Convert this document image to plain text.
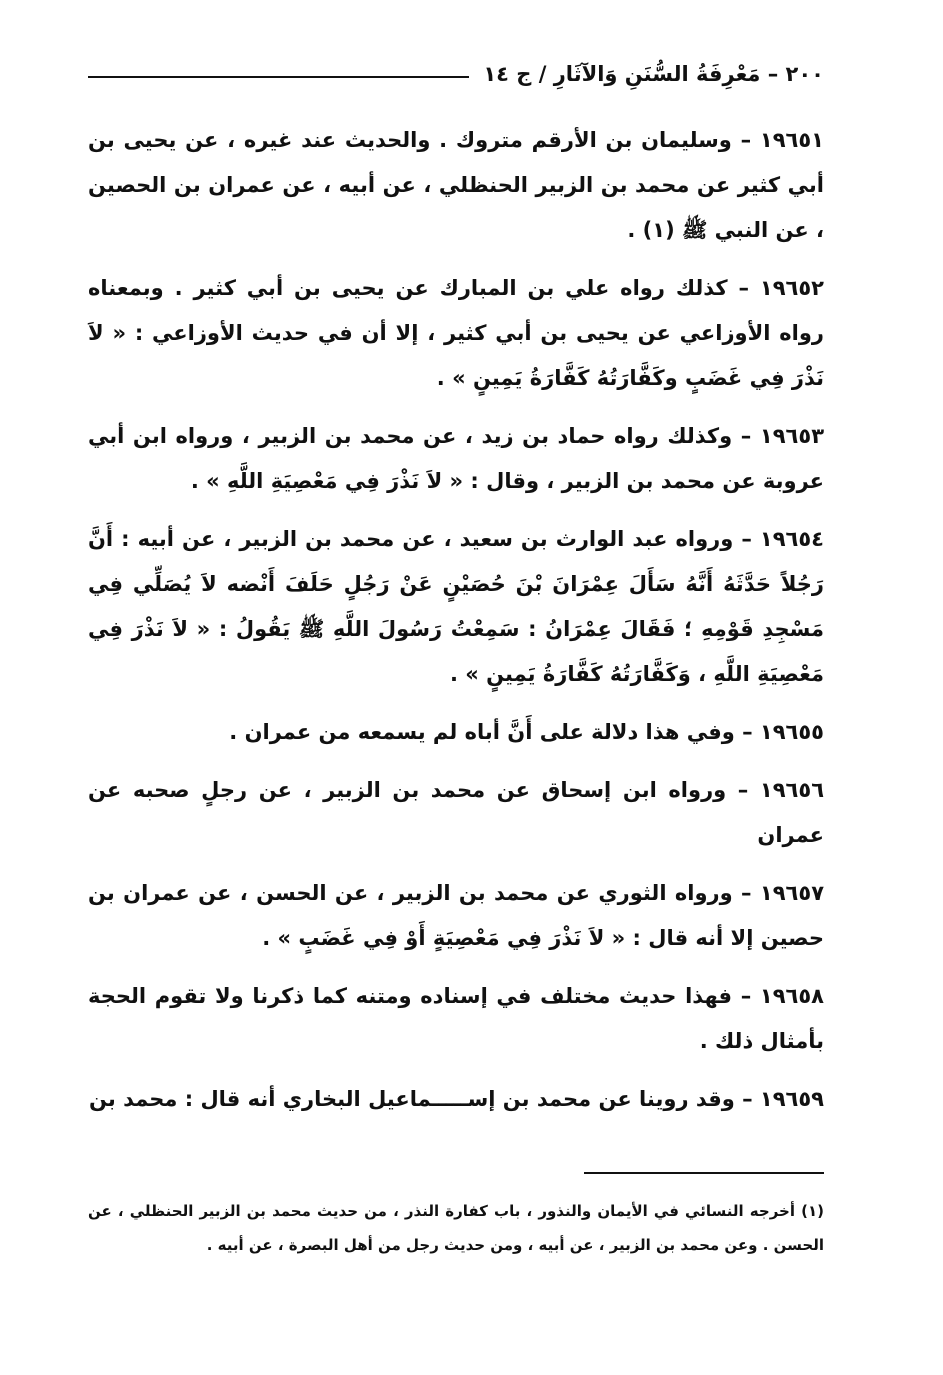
٢٠٠ – مَعْرِفَةُ السُّنَنِ وَالآثَارِ / ج ١٤

١٩٦٥١ – وسليمان بن الأرقم متروك . والحديث عند غيره ، عن يحيى بن أبي كثير عن محمد بن الزبير الحنظلي ، عن أبيه ، عن عمران بن الحصين ، عن النبي ﷺ (١) .

١٩٦٥٢ – كذلك رواه علي بن المبارك عن يحيى بن أبي كثير . وبمعناه رواه الأوزاعي عن يحيى بن أبي كثير ، إلا أن في حديث الأوزاعي : « لاَ نَذْرَ فِي غَضَبٍ وكَفَّارَتُهُ كَفَّارَةُ يَمِينٍ » .

١٩٦٥٣ – وكذلك رواه حماد بن زيد ، عن محمد بن الزبير ، ورواه ابن أبي عروبة عن محمد بن الزبير ، وقال : « لاَ نَذْرَ فِي مَعْصِيَةِ اللَّهِ » .

١٩٦٥٤ – ورواه عبد الوارث بن سعيد ، عن محمد بن الزبير ، عن أبيه : أَنَّ رَجُلاً حَدَّثَهُ أَنَّهُ سَأَلَ عِمْرَانَ بْنَ حُصَيْنٍ عَنْ رَجُلٍ حَلَفَ أَنْضه لاَ يُصَلِّي فِي مَسْجِدِ قَوْمِهِ ؛ فَقَالَ عِمْرَانُ : سَمِعْتُ رَسُولَ اللَّهِ ﷺ يَقُولُ : « لاَ نَذْرَ فِي مَعْصِيَةِ اللَّهِ ، وَكَفَّارَتُهُ كَفَّارَةُ يَمِينٍ » .

١٩٦٥٥ – وفي هذا دلالة على أَنَّ أباه لم يسمعه من عمران .

١٩٦٥٦ – ورواه ابن إسحاق عن محمد بن الزبير ، عن رجلٍ صحبه عن عمران

١٩٦٥٧ – ورواه الثوري عن محمد بن الزبير ، عن الحسن ، عن عمران بن حصين إلا أنه قال : « لاَ نَذْرَ فِي مَعْصِيَةٍ أَوْ فِي غَضَبٍ » .

١٩٦٥٨ – فهذا حديث مختلف في إسناده ومتنه كما ذكرنا ولا تقوم الحجة بأمثال ذلك .

١٩٦٥٩ – وقد روينا عن محمد بن إســـــماعيل البخاري أنه قال : محمد بن

(١) أخرجه النسائي في الأيمان والنذور ، باب كفارة النذر ، من حديث محمد بن الزبير الحنظلي ، عن الحسن . وعن محمد بن الزبير ، عن أبيه ، ومن حديث رجل من أهل البصرة ، عن أبيه .
